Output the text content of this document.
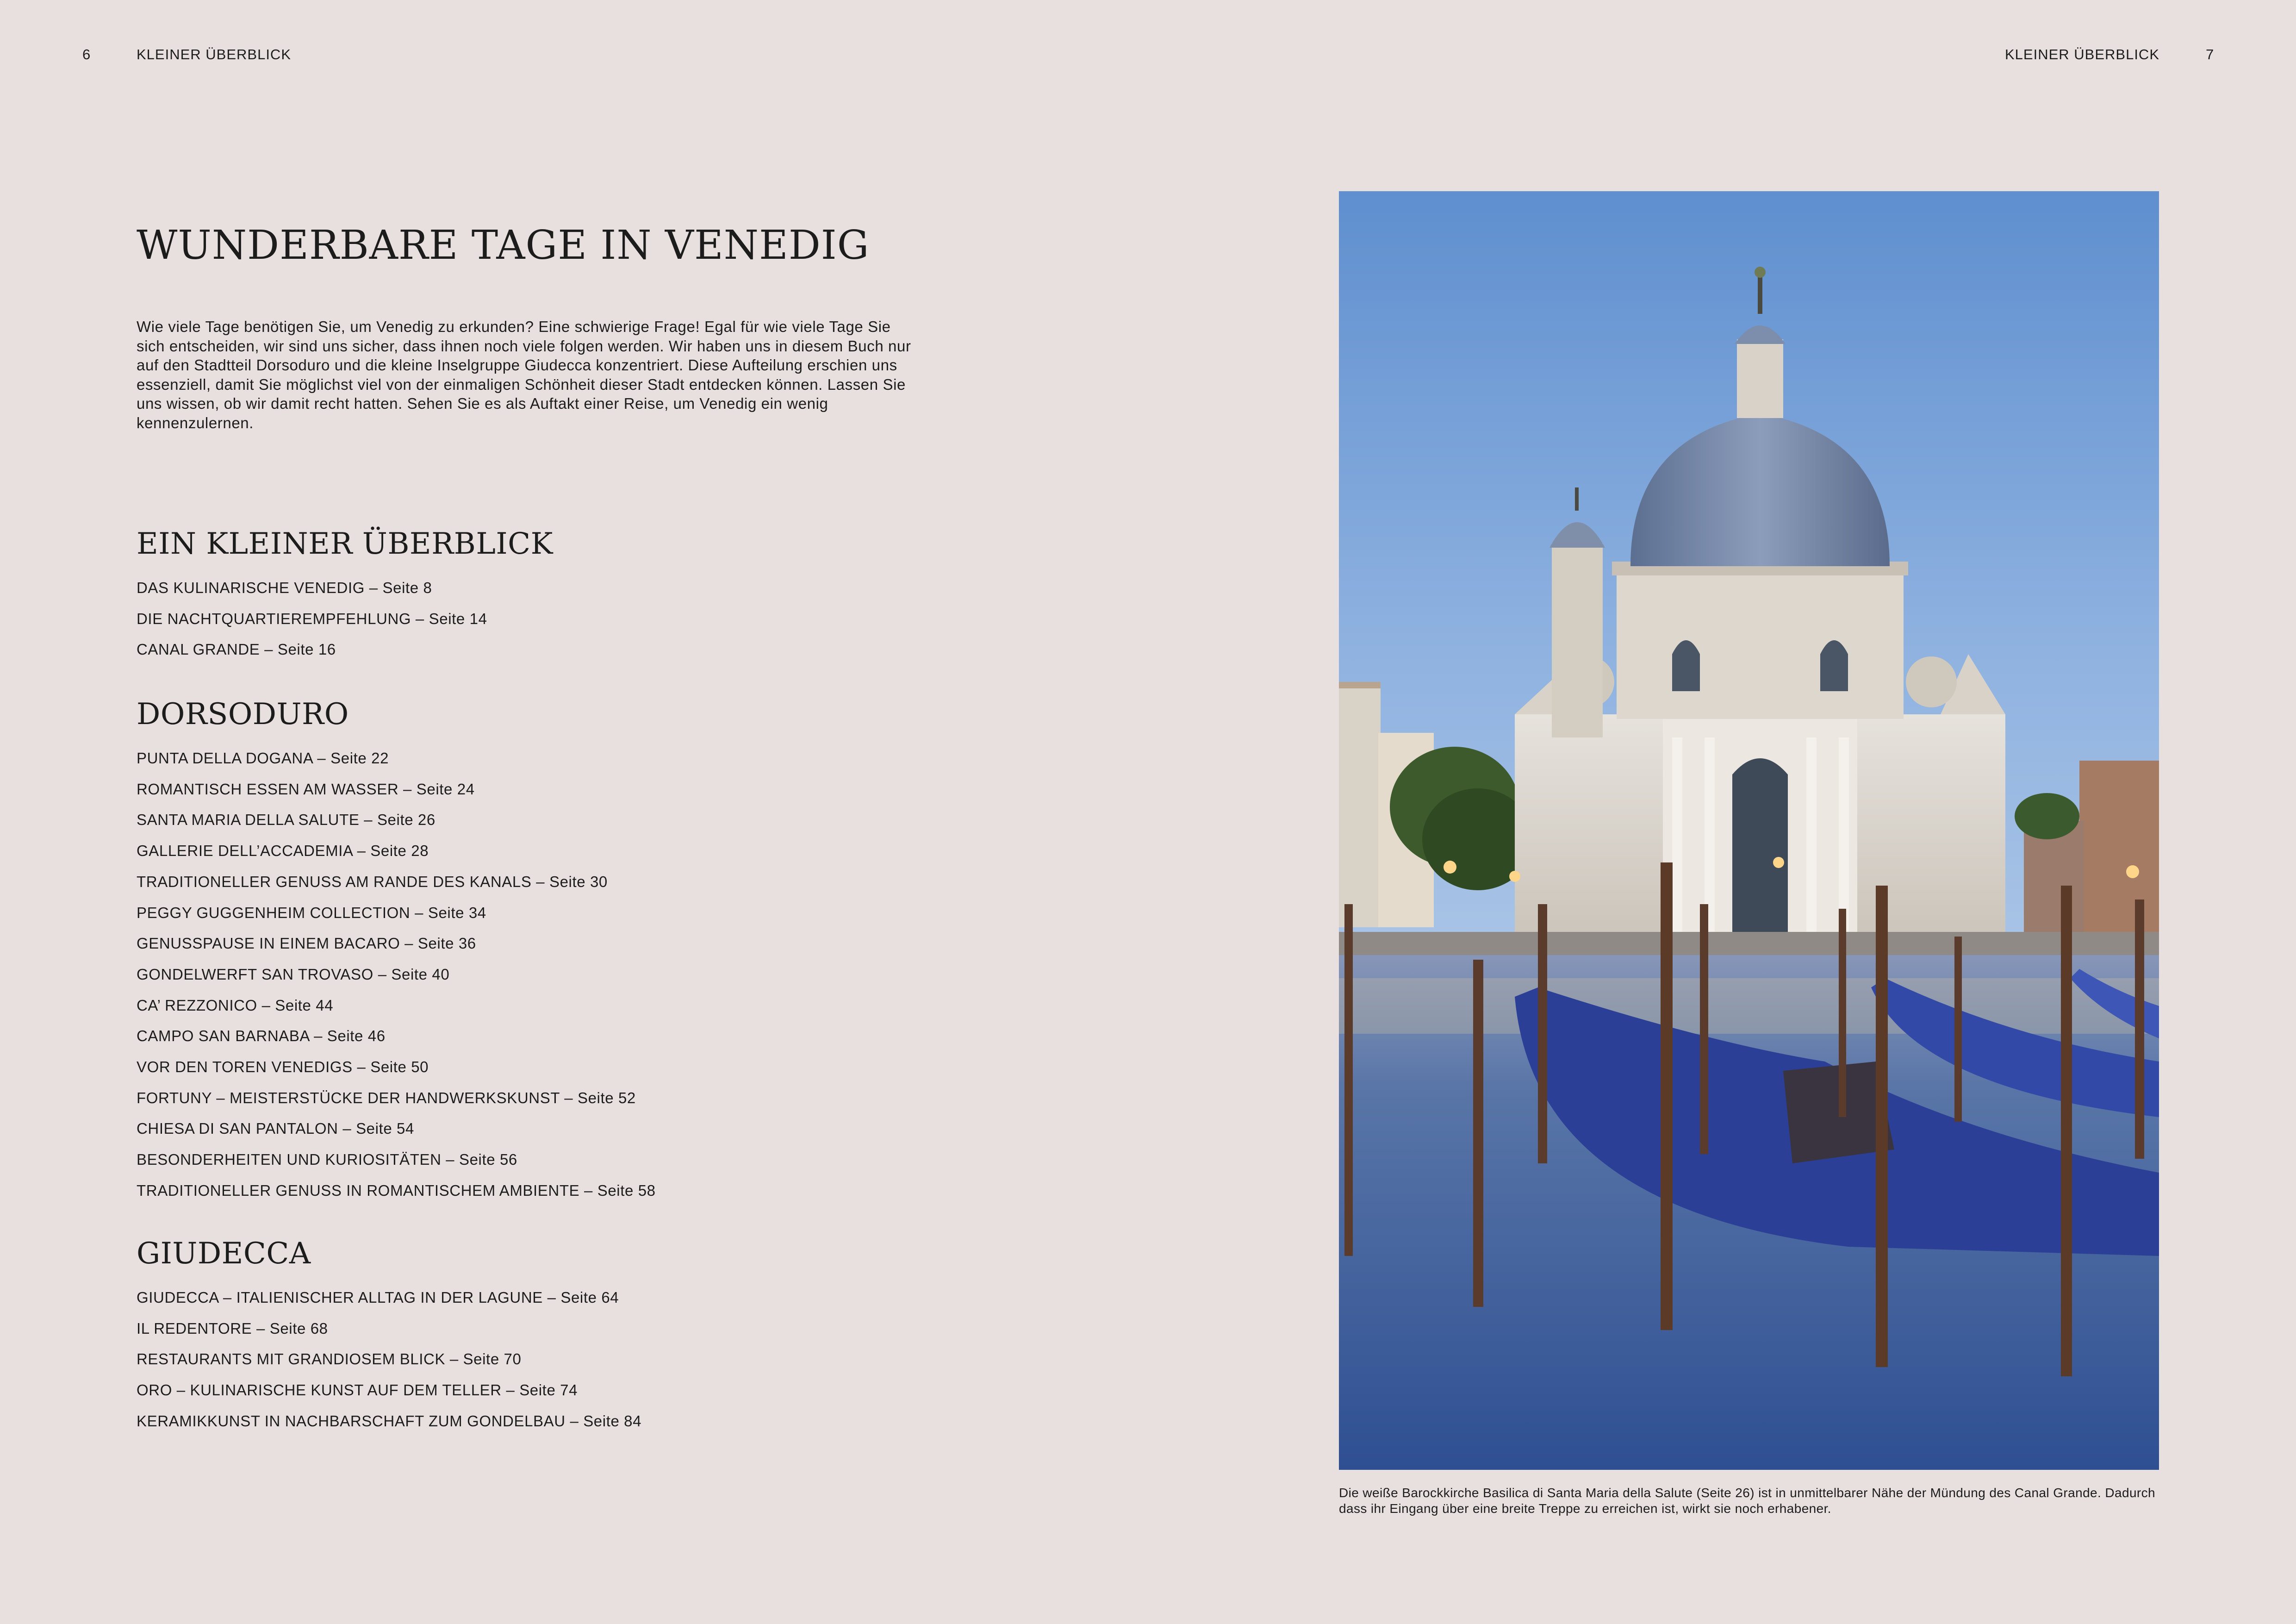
6	KLEINER ÜBERBLICK	KLEINER ÜBERBLICK	7
WUNDERBARE TAGE IN VENEDIG

Wie viele Tage benötigen Sie, um Venedig zu erkunden? Eine schwierige Frage! Egal für wie viele Tage Sie sich entscheiden, wir sind uns sicher, dass ihnen noch viele folgen werden. Wir haben uns in diesem Buch nur auf den Stadtteil Dorsoduro und die kleine Inselgruppe Giudecca konzentriert. Diese Aufteilung erschien uns essenziell, damit Sie möglichst viel von der einmaligen Schönheit dieser Stadt entdecken können. Lassen Sie uns wissen, ob wir damit recht hatten. Sehen Sie es als Auftakt einer Reise, um Venedig ein wenig kennenzulernen.

EIN KLEINER ÜBERBLICK
DAS KULINARISCHE VENEDIG – Seite 8
DIE NACHTQUARTIEREMPFEHLUNG – Seite 14
CANAL GRANDE – Seite 16
DORSODURO
PUNTA DELLA DOGANA – Seite 22
ROMANTISCH ESSEN AM WASSER – Seite 24
SANTA MARIA DELLA SALUTE – Seite 26
GALLERIE DELL’ACCADEMIA – Seite 28
TRADITIONELLER GENUSS AM RANDE DES KANALS – Seite 30
PEGGY GUGGENHEIM COLLECTION – Seite 34
GENUSSPAUSE IN EINEM BACARO – Seite 36
GONDELWERFT SAN TROVASO – Seite 40
CA’ REZZONICO – Seite 44
CAMPO SAN BARNABA – Seite 46
VOR DEN TOREN VENEDIGS – Seite 50
FORTUNY – MEISTERSTÜCKE DER HANDWERKSKUNST – Seite 52
CHIESA DI SAN PANTALON – Seite 54
BESONDERHEITEN UND KURIOSITÄTEN – Seite 56
TRADITIONELLER GENUSS IN ROMANTISCHEM AMBIENTE – Seite 58
GIUDECCA
GIUDECCA – ITALIENISCHER ALLTAG IN DER LAGUNE – Seite 64
IL REDENTORE – Seite 68
RESTAURANTS MIT GRANDIOSEM BLICK – Seite 70
ORO – KULINARISCHE KUNST AUF DEM TELLER – Seite 74
KERAMIKKUNST IN NACHBARSCHAFT ZUM GONDELBAU – Seite 84

Die weiße Barockkirche Basilica di Santa Maria della Salute (Seite 26) ist in unmittelbarer Nähe der Mündung des Canal Grande. Dadurch dass ihr Eingang über eine breite Treppe zu erreichen ist, wirkt sie noch erhabener.
